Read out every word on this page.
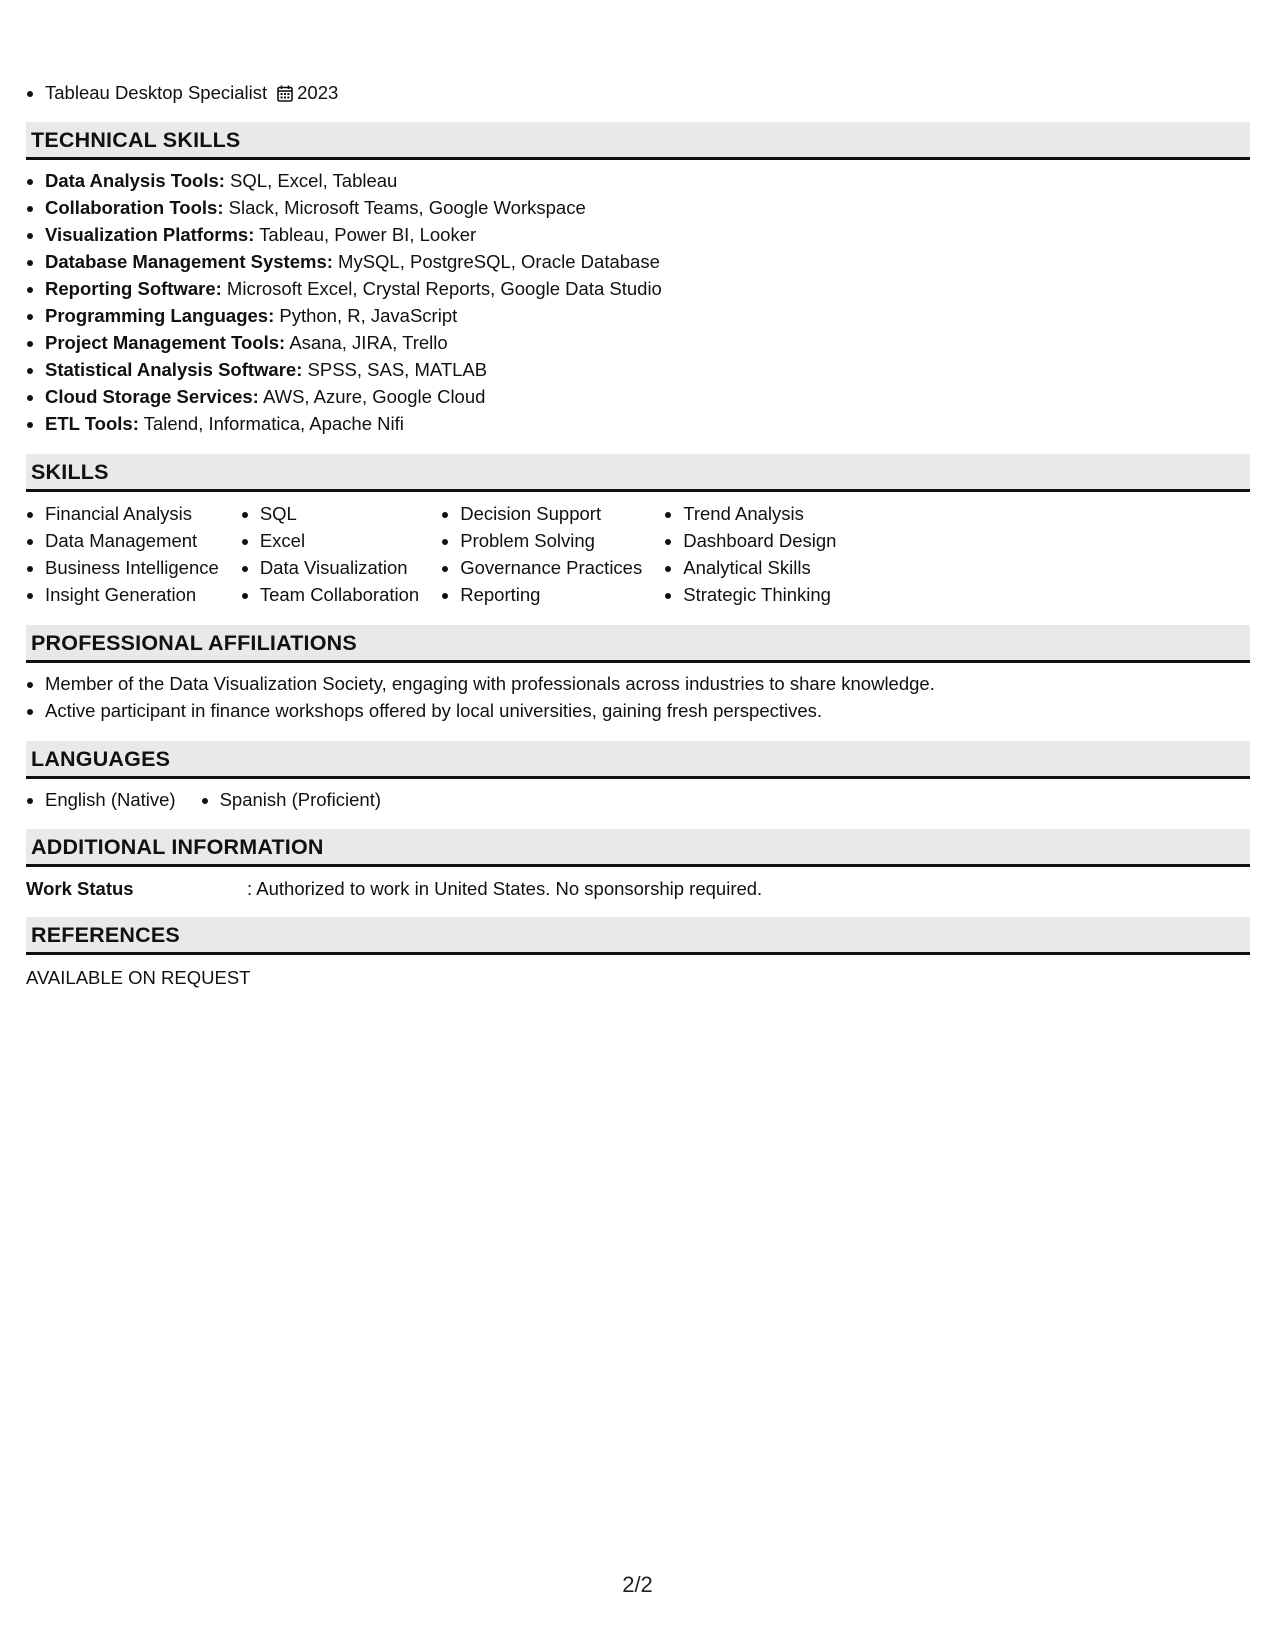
Tableau Desktop Specialist 2023
TECHNICAL SKILLS
Data Analysis Tools: SQL, Excel, Tableau
Collaboration Tools: Slack, Microsoft Teams, Google Workspace
Visualization Platforms: Tableau, Power BI, Looker
Database Management Systems: MySQL, PostgreSQL, Oracle Database
Reporting Software: Microsoft Excel, Crystal Reports, Google Data Studio
Programming Languages: Python, R, JavaScript
Project Management Tools: Asana, JIRA, Trello
Statistical Analysis Software: SPSS, SAS, MATLAB
Cloud Storage Services: AWS, Azure, Google Cloud
ETL Tools: Talend, Informatica, Apache Nifi
SKILLS
Financial Analysis
Data Management
Business Intelligence
Insight Generation
SQL
Excel
Data Visualization
Team Collaboration
Decision Support
Problem Solving
Governance Practices
Reporting
Trend Analysis
Dashboard Design
Analytical Skills
Strategic Thinking
PROFESSIONAL AFFILIATIONS
Member of the Data Visualization Society, engaging with professionals across industries to share knowledge.
Active participant in finance workshops offered by local universities, gaining fresh perspectives.
LANGUAGES
English (Native)	Spanish (Proficient)
ADDITIONAL INFORMATION
Work Status	: Authorized to work in United States. No sponsorship required.
REFERENCES
AVAILABLE ON REQUEST
2/2
